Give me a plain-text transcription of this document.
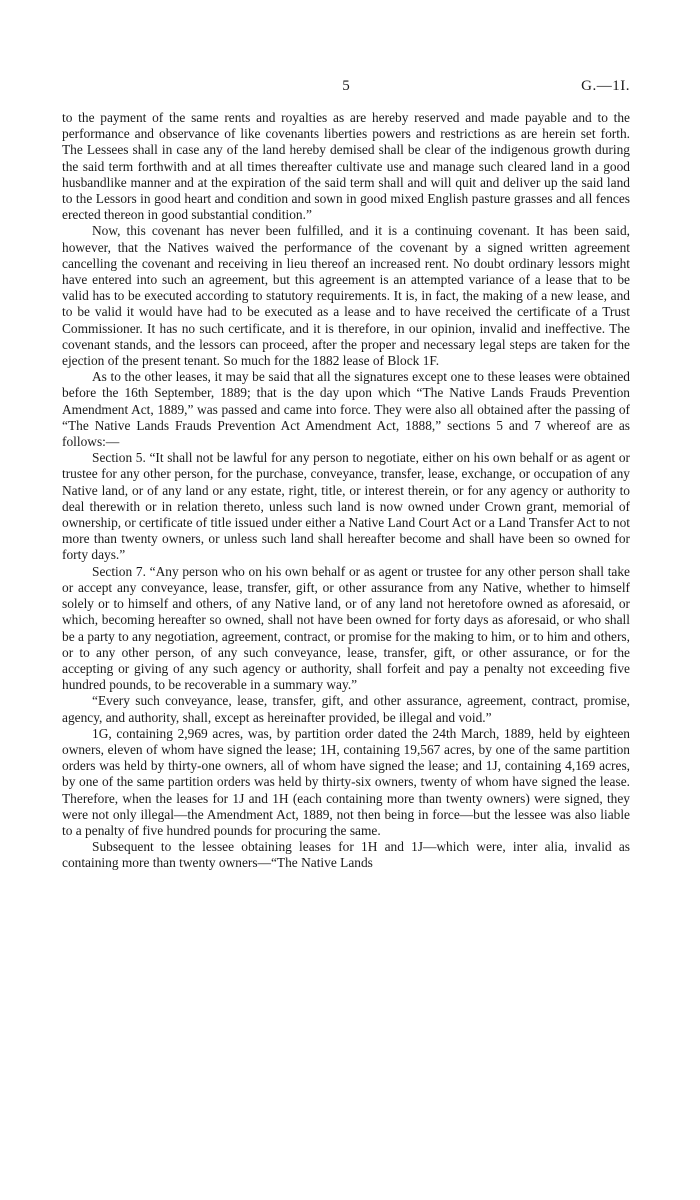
5	G.—1I.

to the payment of the same rents and royalties as are hereby reserved and made payable and to the performance and observance of like covenants liberties powers and restrictions as are herein set forth. The Lessees shall in case any of the land hereby demised shall be clear of the indigenous growth during the said term forthwith and at all times thereafter cultivate use and manage such cleared land in a good husbandlike manner and at the expiration of the said term shall and will quit and deliver up the said land to the Lessors in good heart and condition and sown in good mixed English pasture grasses and all fences erected thereon in good substantial condition.”

Now, this covenant has never been fulfilled, and it is a continuing covenant. It has been said, however, that the Natives waived the performance of the covenant by a signed written agreement cancelling the covenant and receiving in lieu thereof an increased rent. No doubt ordinary lessors might have entered into such an agreement, but this agreement is an attempted variance of a lease that to be valid has to be executed according to statutory requirements. It is, in fact, the making of a new lease, and to be valid it would have had to be executed as a lease and to have received the certificate of a Trust Commissioner. It has no such certificate, and it is therefore, in our opinion, invalid and ineffective. The covenant stands, and the lessors can proceed, after the proper and necessary legal steps are taken for the ejection of the present tenant. So much for the 1882 lease of Block 1F.

As to the other leases, it may be said that all the signatures except one to these leases were obtained before the 16th September, 1889; that is the day upon which “The Native Lands Frauds Prevention Amendment Act, 1889,” was passed and came into force. They were also all obtained after the passing of “The Native Lands Frauds Prevention Act Amendment Act, 1888,” sections 5 and 7 whereof are as follows:—

Section 5. “It shall not be lawful for any person to negotiate, either on his own behalf or as agent or trustee for any other person, for the purchase, conveyance, transfer, lease, exchange, or occupation of any Native land, or of any land or any estate, right, title, or interest therein, or for any agency or authority to deal therewith or in relation thereto, unless such land is now owned under Crown grant, memorial of ownership, or certificate of title issued under either a Native Land Court Act or a Land Transfer Act to not more than twenty owners, or unless such land shall hereafter become and shall have been so owned for forty days.”

Section 7. “Any person who on his own behalf or as agent or trustee for any other person shall take or accept any conveyance, lease, transfer, gift, or other assurance from any Native, whether to himself solely or to himself and others, of any Native land, or of any land not heretofore owned as aforesaid, or which, becoming hereafter so owned, shall not have been owned for forty days as aforesaid, or who shall be a party to any negotiation, agreement, contract, or promise for the making to him, or to him and others, or to any other person, of any such conveyance, lease, transfer, gift, or other assurance, or for the accepting or giving of any such agency or authority, shall forfeit and pay a penalty not exceeding five hundred pounds, to be recoverable in a summary way.”

“Every such conveyance, lease, transfer, gift, and other assurance, agreement, contract, promise, agency, and authority, shall, except as hereinafter provided, be illegal and void.”

1G, containing 2,969 acres, was, by partition order dated the 24th March, 1889, held by eighteen owners, eleven of whom have signed the lease; 1H, containing 19,567 acres, by one of the same partition orders was held by thirty-one owners, all of whom have signed the lease; and 1J, containing 4,169 acres, by one of the same partition orders was held by thirty-six owners, twenty of whom have signed the lease. Therefore, when the leases for 1J and 1H (each containing more than twenty owners) were signed, they were not only illegal—the Amendment Act, 1889, not then being in force—but the lessee was also liable to a penalty of five hundred pounds for procuring the same.

Subsequent to the lessee obtaining leases for 1H and 1J—which were, inter alia, invalid as containing more than twenty owners—“The Native Lands
